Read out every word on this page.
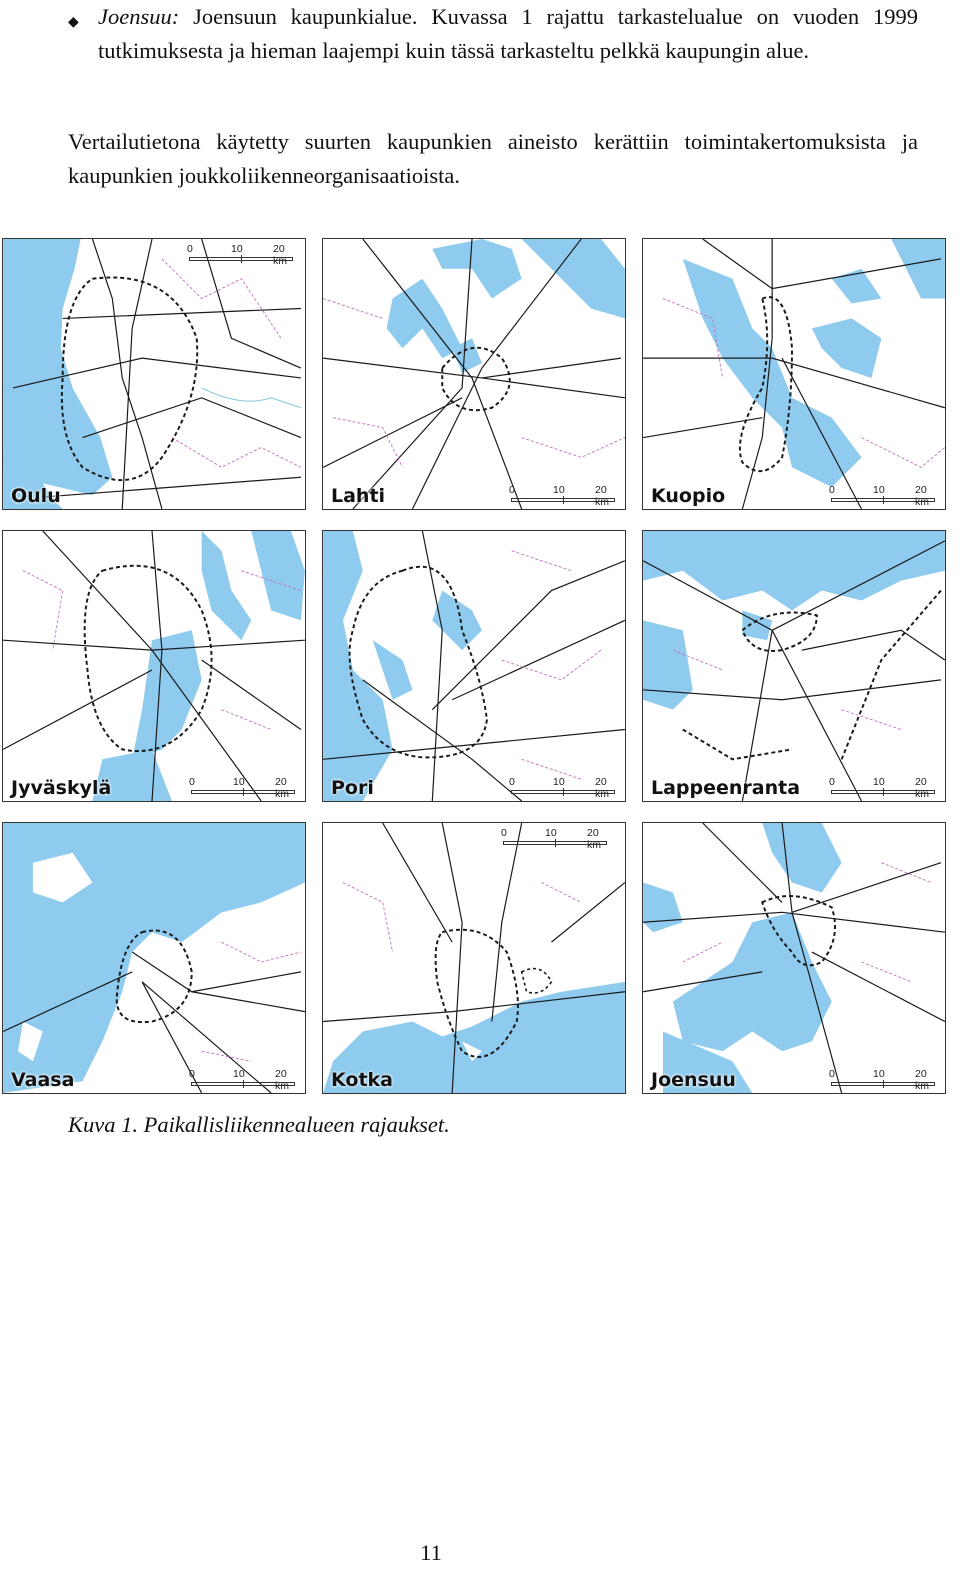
◆ Joensuu: Joensuun kaupunkialue. Kuvassa 1 rajattu tarkastelualue on vuoden 1999 tutkimuksesta ja hieman laajempi kuin tässä tarkasteltu pelkkä kaupungin alue.
Vertailutietona käytetty suurten kaupunkien aineisto kerättiin toimintakertomuksista ja kaupunkien joukkoliikenneorganisaatioista.
0	10	20 km
Oulu	0	10	20 km
Lahti	0	10	20 km
Kuopio
0	10	20 km
Jyväskylä	0	10	20 km
Pori	0	10	20 km
Lappeenranta
0	10	20 km
Vaasa
0	10	20 km
Kotka	0	10	20 km
Joensuu
Kuva 1. Paikallisliikennealueen rajaukset.
11
